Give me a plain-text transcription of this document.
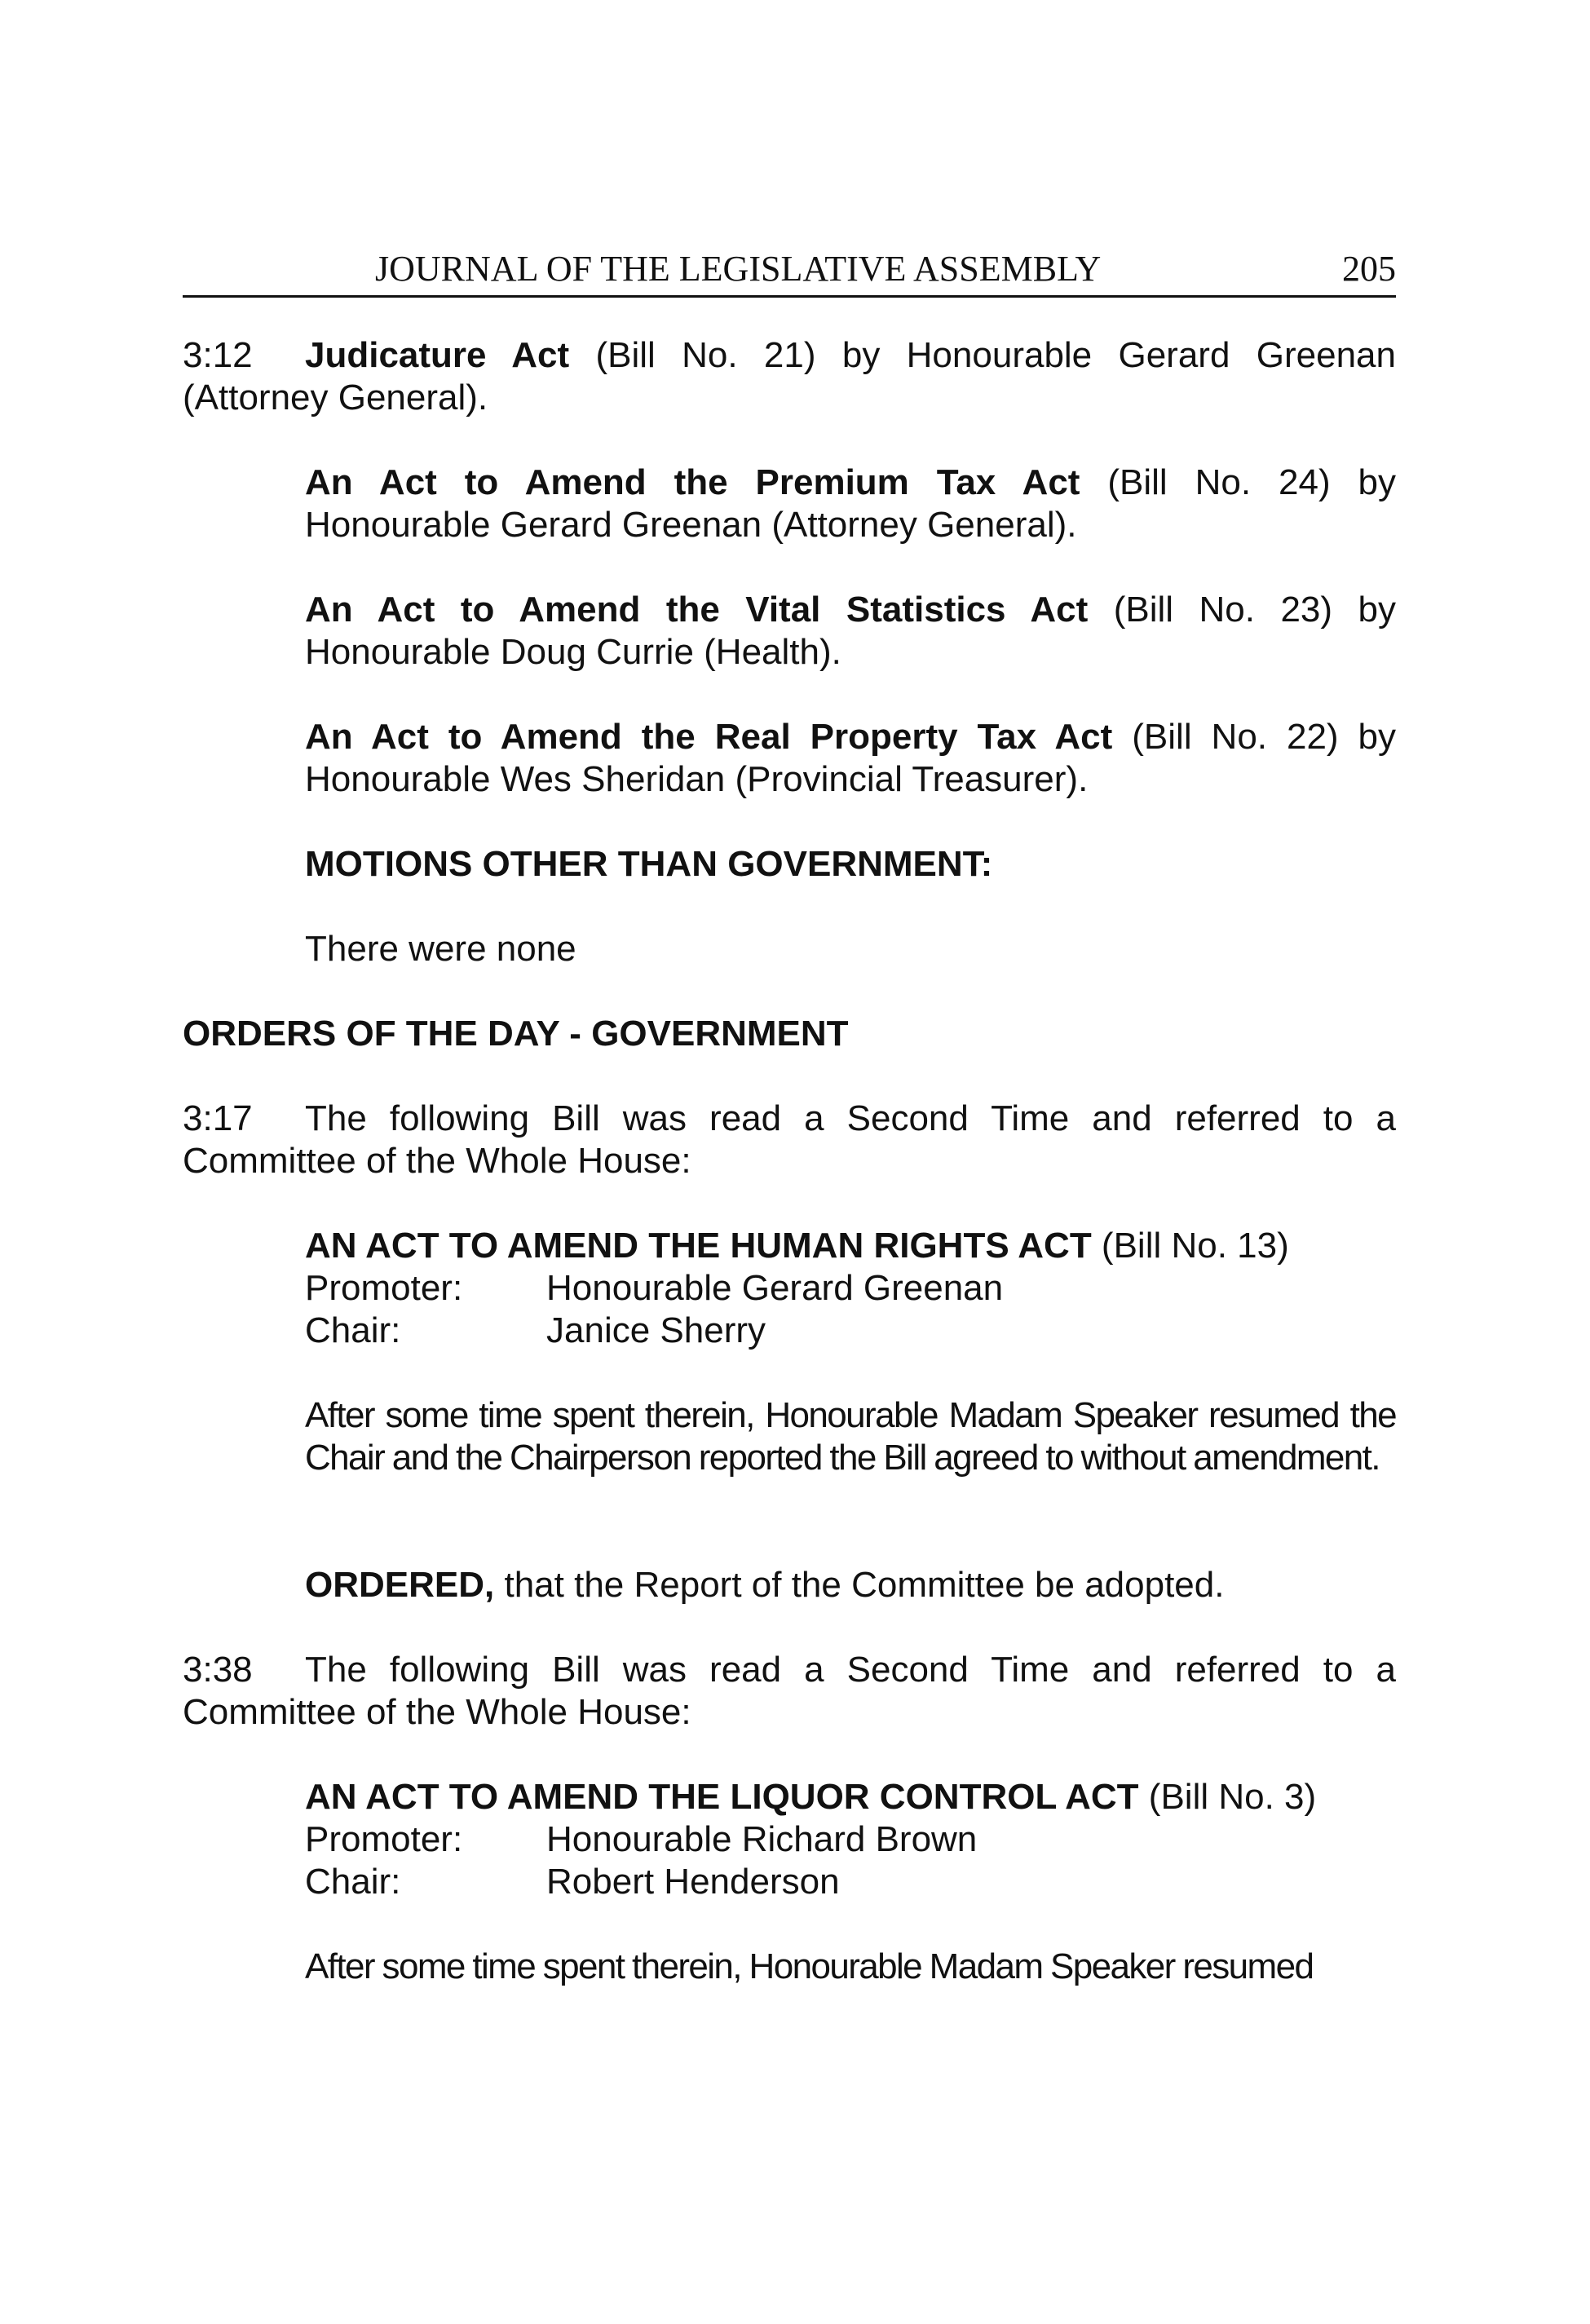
JOURNAL OF THE LEGISLATIVE ASSEMBLY	205

3:12 Judicature Act (Bill No. 21) by Honourable Gerard Greenan (Attorney General).

An Act to Amend the Premium Tax Act (Bill No. 24) by Honourable Gerard Greenan (Attorney General).

An Act to Amend the Vital Statistics Act (Bill No. 23) by Honourable Doug Currie (Health).

An Act to Amend the Real Property Tax Act (Bill No. 22) by Honourable Wes Sheridan (Provincial Treasurer).

MOTIONS OTHER THAN GOVERNMENT:

There were none

ORDERS OF THE DAY - GOVERNMENT

3:17 The following Bill was read a Second Time and referred to a Committee of the Whole House:

AN ACT TO AMEND THE HUMAN RIGHTS ACT (Bill No. 13)

Promoter: Honourable Gerard Greenan
Chair:	Janice Sherry

After some time spent therein, Honourable Madam Speaker resumed the Chair and the Chairperson reported the Bill agreed to without amendment.

ORDERED, that the Report of the Committee be adopted.

3:38 The following Bill was read a Second Time and referred to a Committee of the Whole House:

AN ACT TO AMEND THE LIQUOR CONTROL ACT (Bill No. 3)

Promoter: Honourable Richard Brown
Chair:	Robert Henderson

After some time spent therein, Honourable Madam Speaker resumed
